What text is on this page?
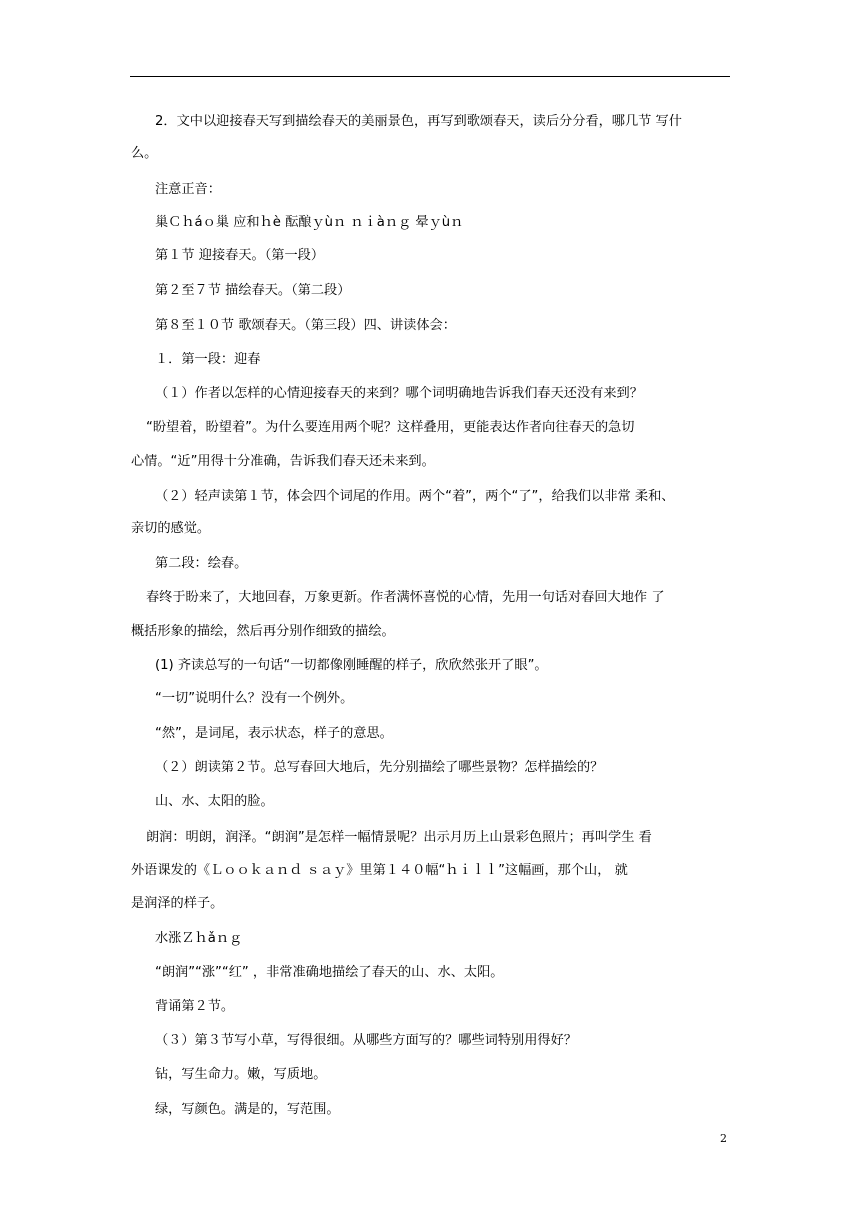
2．文中以迎接春天写到描绘春天的美丽景色，再写到歌颂春天，读后分分看，哪几节 写什
么。
注意正音：
巢Ｃｈáｏ巢 应和ｈè 酝酿ｙùｎ ｎｉàｎｇ 晕ｙùｎ
第１节 迎接春天。（第一段）
第２至７节 描绘春天。（第二段）
第８至１０节 歌颂春天。（第三段）四、讲读体会：
１．第一段：迎春
（１）作者以怎样的心情迎接春天的来到？哪个词明确地告诉我们春天还没有来到？
“盼望着，盼望着”。为什么要连用两个呢？这样叠用，更能表达作者向往春天的急切
心情。“近”用得十分准确，告诉我们春天还未来到。
（２）轻声读第１节，体会四个词尾的作用。两个“着”，两个“了”，给我们以非常 柔和、
亲切的感觉。
第二段：绘春。
春终于盼来了，大地回春，万象更新。作者满怀喜悦的心情，先用一句话对春回大地作 了
概括形象的描绘，然后再分别作细致的描绘。
(1) 齐读总写的一句话“一切都像刚睡醒的样子，欣欣然张开了眼”。
“一切”说明什么？没有一个例外。
“然”，是词尾，表示状态，样子的意思。
（２）朗读第２节。总写春回大地后，先分别描绘了哪些景物？怎样描绘的？
山、水、太阳的脸。
朗润：明朗，润泽。“朗润”是怎样一幅情景呢？出示月历上山景彩色照片；再叫学生 看
外语课发的《Ｌｏｏｋａｎｄ ｓａｙ》里第１４０幅“ｈｉｌｌ”这幅画，那个山， 就
是润泽的样子。
水涨Ｚｈǎｎｇ
“朗润”“涨”“红” ，非常准确地描绘了春天的山、水、太阳。
背诵第２节。
（３）第３节写小草，写得很细。从哪些方面写的？哪些词特别用得好？
钻，写生命力。嫩，写质地。
绿，写颜色。满是的，写范围。
2
